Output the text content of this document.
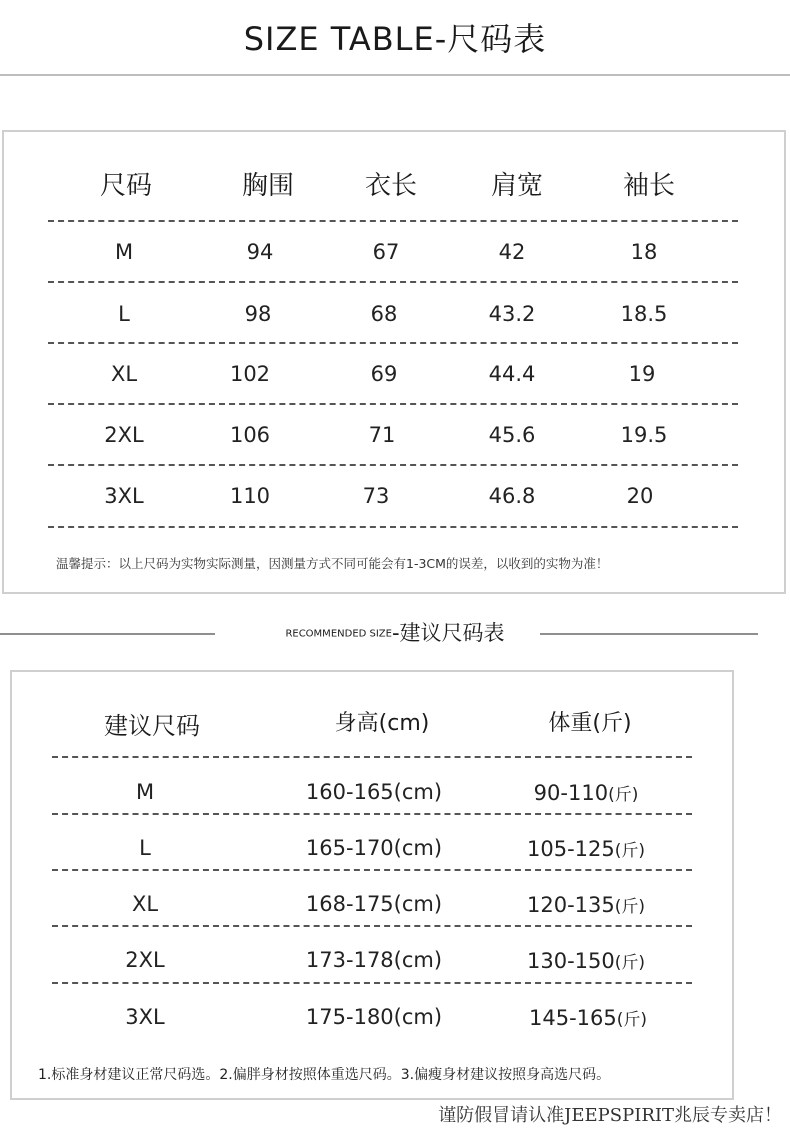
SIZE TABLE-尺码表
尺码	胸围	衣长	肩宽	袖长
M	94	67	42	18
L	98	68	43.2	18.5
XL	102	69	44.4	19
2XL	106	71	45.6	19.5
3XL	110	73	46.8	20
温馨提示：以上尺码为实物实际测量，因测量方式不同可能会有1-3CM的误差，以收到的实物为准！
RECOMMENDED SIZE-建议尺码表
建议尺码	身高(cm)	体重(斤)
M	160-165(cm)	90-110(斤)
L	165-170(cm)	105-125(斤)
XL	168-175(cm)	120-135(斤)
2XL	173-178(cm)	130-150(斤)
3XL	175-180(cm)	145-165(斤)
1.标准身材建议正常尺码选。2.偏胖身材按照体重选尺码。3.偏瘦身材建议按照身高选尺码。
谨防假冒请认准JEEPSPIRIT兆辰专卖店！
